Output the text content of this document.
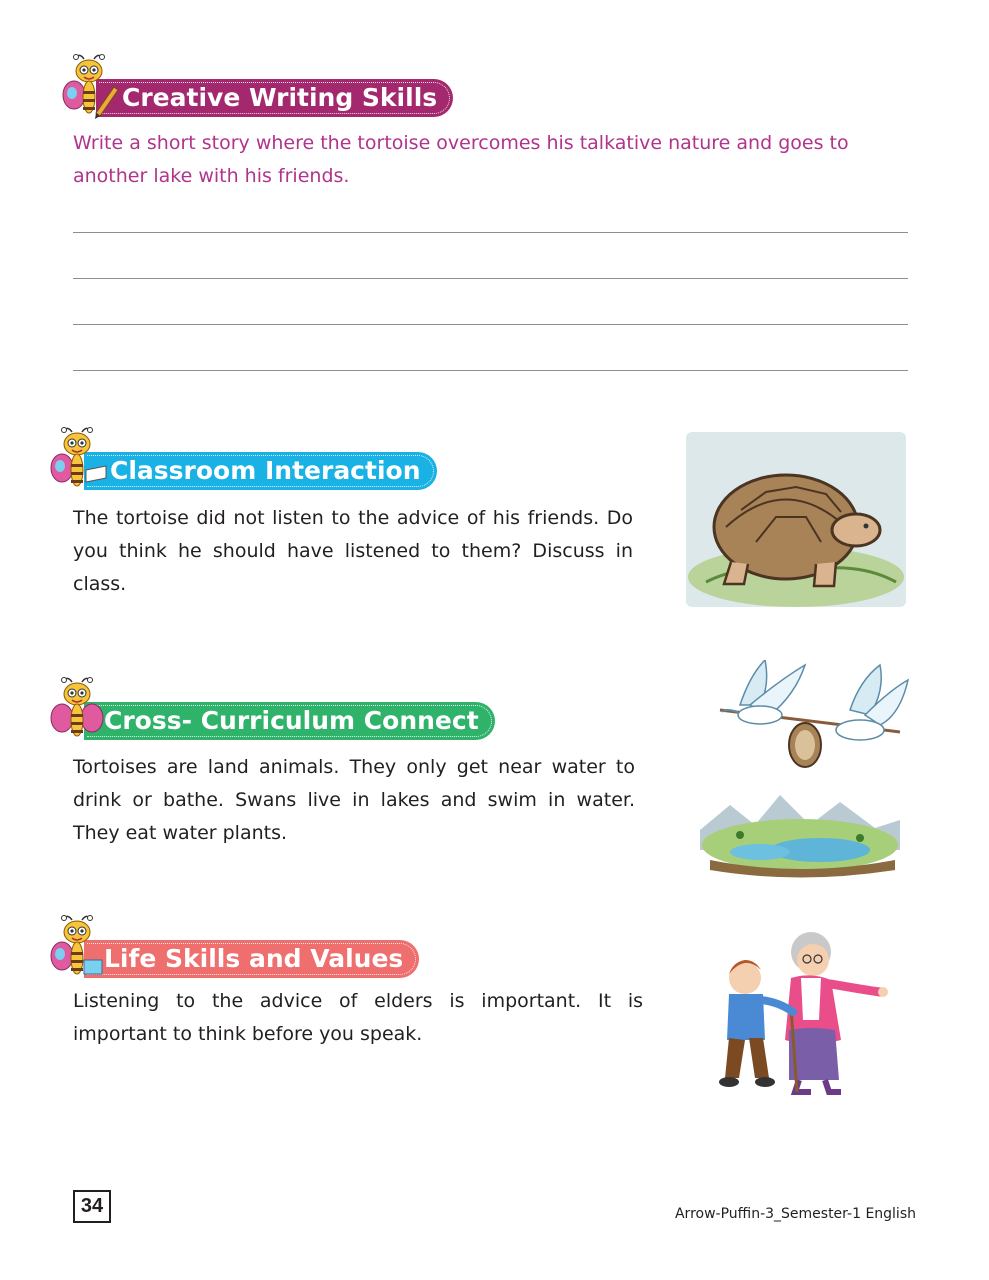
Creative Writing Skills
Write a short story where the tortoise overcomes his talkative nature and goes to another lake with his friends.
Classroom Interaction
The tortoise did not listen to the advice of his friends. Do you think he should have listened to them? Discuss in class.
Cross- Curriculum Connect
Tortoises are land animals. They only get near water to drink or bathe. Swans live in lakes and swim in water. They eat water plants.
Life Skills and Values
Listening to the advice of elders is important. It is important to think before you speak.
34	Arrow-Puffin-3_Semester-1 English
